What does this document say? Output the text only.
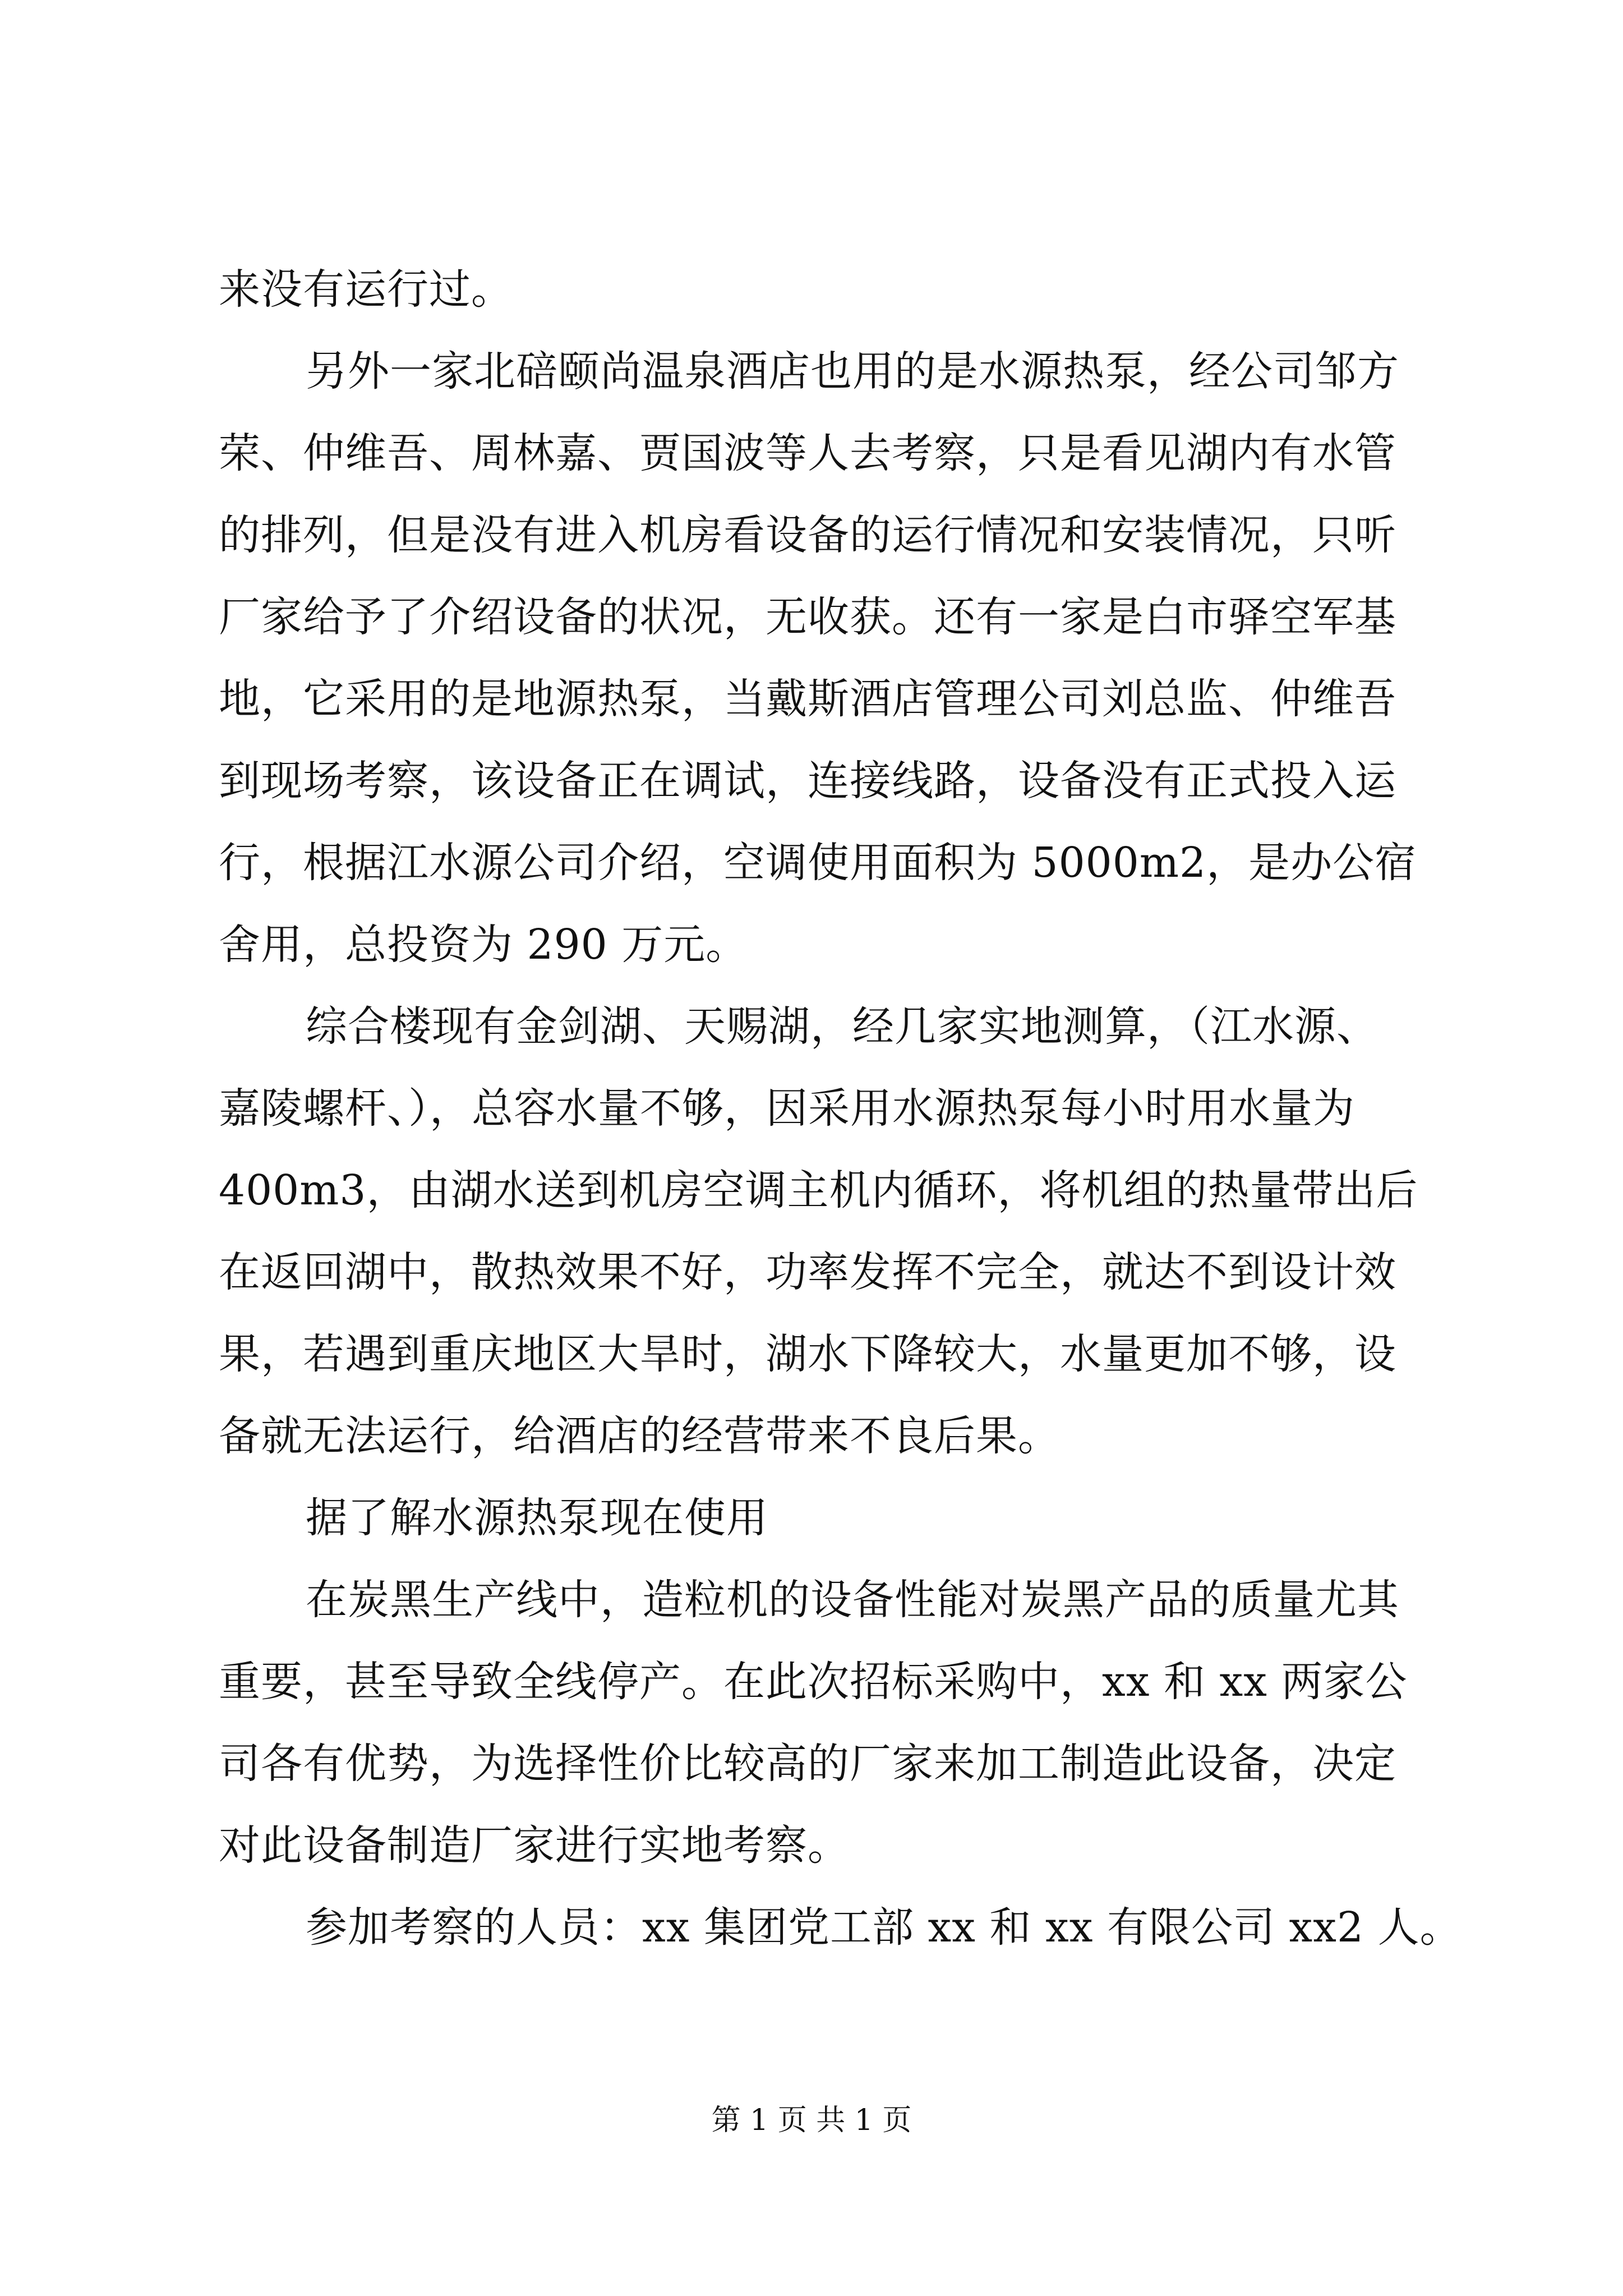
来没有运行过。
另外一家北碚颐尚温泉酒店也用的是水源热泵，经公司邹方
荣、仲维吾、周林嘉、贾国波等人去考察，只是看见湖内有水管
的排列，但是没有进入机房看设备的运行情况和安装情况，只听
厂家给予了介绍设备的状况，无收获。还有一家是白市驿空军基
地，它采用的是地源热泵，当戴斯酒店管理公司刘总监、仲维吾
到现场考察，该设备正在调试，连接线路，设备没有正式投入运
行，根据江水源公司介绍，空调使用面积为 5000m2，是办公宿
舍用，总投资为 290 万元。
综合楼现有金剑湖、天赐湖，经几家实地测算，（江水源、
嘉陵螺杆、），总容水量不够，因采用水源热泵每小时用水量为
400m3，由湖水送到机房空调主机内循环，将机组的热量带出后
在返回湖中，散热效果不好，功率发挥不完全，就达不到设计效
果，若遇到重庆地区大旱时，湖水下降较大，水量更加不够，设
备就无法运行，给酒店的经营带来不良后果。
据了解水源热泵现在使用
在炭黑生产线中，造粒机的设备性能对炭黑产品的质量尤其
重要，甚至导致全线停产。在此次招标采购中，xx 和 xx 两家公
司各有优势，为选择性价比较高的厂家来加工制造此设备，决定
对此设备制造厂家进行实地考察。
参加考察的人员：xx 集团党工部 xx 和 xx 有限公司 xx2 人。
第 1 页 共 1 页
